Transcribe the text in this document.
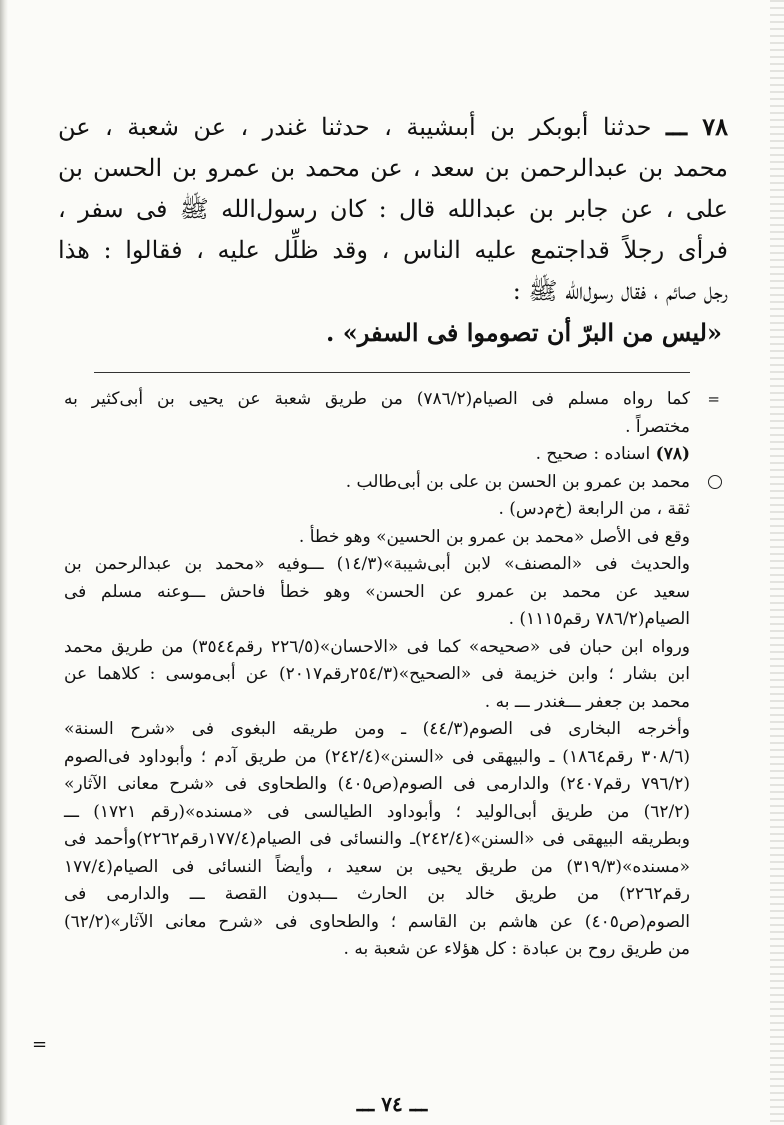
٧٨ ـــ حدثنا أبوبكر بن أبىشيبة ، حدثنا غندر ، عن شعبة ، عن
محمد بن عبدالرحمن بن سعد ، عن محمد بن عمرو بن الحسن بن
على ، عن جابر بن عبدالله قال : كان رسول‌الله ﷺ فى سفر ،
فرأى رجلاً قداجتمع عليه الناس ، وقد ظلِّل عليه ، فقالوا : هذا
رجل صائم ، فقال رسول‌الله ﷺ :
«ليس من البرّ أن تصوموا فى السفر» .
=
كما رواه مسلم فى الصيام(٧٨٦/٢) من طريق شعبة عن يحيى بن أبى‌كثير به
مختصراً .
(٧٨) اسناده : صحيح .
محمد بن عمرو بن الحسن بن على بن أبى‌طالب .
ثقة ، من الرابعة (خ‌م‌دس) .
وقع فى الأصل «محمد بن عمرو بن الحسين» وهو خطأ .
والحديث فى «المصنف» لابن أبى‌شيبة»(١٤/٣) ـــوفيه «محمد بن عبدالرحمن بن
سعيد عن محمد بن عمرو عن الحسن» وهو خطأ فاحش ـــوعنه مسلم فى
الصيام(٧٨٦/٢ رقم١١١٥) .
ورواه ابن حبان فى «صحيحه» كما فى «الاحسان»(٢٢٦/٥ رقم٣٥٤٤) من طريق محمد
ابن بشار ؛ وابن خزيمة فى «الصحيح»(٢٥٤/٣رقم٢٠١٧) عن أبى‌موسى : كلاهما عن
محمد بن جعفر ـــغندر ـــ به .
وأخرجه البخارى فى الصوم(٤٤/٣) ـ ومن طريقه البغوى فى «شرح السنة»
(٣٠٨/٦ رقم١٨٦٤) ـ والبيهقى فى «السنن»(٢٤٢/٤) من طريق آدم ؛ وأبوداود فى‌الصوم
(٧٩٦/٢ رقم٢٤٠٧) والدارمى فى الصوم(ص٤٠٥) والطحاوى فى «شرح معانى الآثار»
(٦٢/٢) من طريق أبى‌الوليد ؛ وأبوداود الطيالسى فى «مسنده»(رقم ١٧٢١) ـــ
وبطريقه البيهقى فى «السنن»(٢٤٢/٤)ـ والنسائى فى الصيام(١٧٧/٤رقم٢٢٦٢)وأحمد فى
«مسنده»(٣١٩/٣) من طريق يحيى بن سعيد ، وأيضاً النسائى فى الصيام(١٧٧/٤
رقم٢٢٦٢) من طريق خالد بن الحارث ـــبدون القصة ـــ والدارمى فى
الصوم(ص٤٠٥) عن هاشم بن القاسم ؛ والطحاوى فى «شرح معانى الآثار»(٦٢/٢)
من طريق روح بن عبادة : كل هؤلاء عن شعبة به .
=
ـــ ٧٤ ـــ
